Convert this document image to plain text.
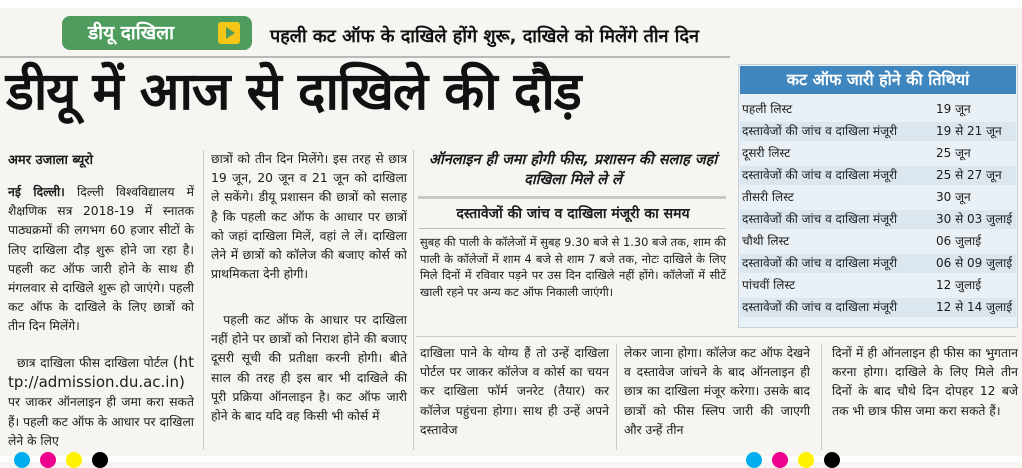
डीयू दाखिला	पहली कट ऑफ के दाखिले होंगे शुरू, दाखिले को मिलेंगे तीन दिन
डीयू में आज से दाखिले की दौड़	कट ऑफ जारी होने की तिथियां
पहली लिस्ट	19 जून
दस्तावेजों की जांच व दाखिला मंजूरी	19 से 21 जून
दूसरी लिस्ट	25 जून
दस्तावेजों की जांच व दाखिला मंजूरी	25 से 27 जून
तीसरी लिस्ट	30 जून
दस्तावेजों की जांच व दाखिला मंजूरी	30 से 03 जुलाई
चौथी लिस्ट	06 जुलाई
दस्तावेजों की जांच व दाखिला मंजूरी	06 से 09 जुलाई
पांचवीं लिस्ट	12 जुलाई
दस्तावेजों की जांच व दाखिला मंजूरी	12 से 14 जुलाई
अमर उजाला ब्यूरो
नई दिल्ली। दिल्ली विश्वविद्यालय में शैक्षणिक सत्र 2018-19 में स्नातक पाठ्यक्रमों की लगभग 60 हजार सीटों के लिए दाखिला दौड़ शुरू होने जा रहा है। पहली कट ऑफ जारी होने के साथ ही मंगलवार से दाखिले शुरू हो जाएंगे। पहली कट ऑफ के दाखिले के लिए छात्रों को तीन दिन मिलेंगे।
छात्र दाखिला फीस दाखिला पोर्टल (http://admission.du.ac.in) पर जाकर ऑनलाइन ही जमा करा सकते हैं। पहली कट ऑफ के आधार पर दाखिला लेने के लिए
छात्रों को तीन दिन मिलेंगे। इस तरह से छात्र 19 जून, 20 जून व 21 जून को दाखिला ले सकेंगे। डीयू प्रशासन की छात्रों को सलाह है कि पहली कट ऑफ के आधार पर छात्रों को जहां दाखिला मिलें, वहां ले लें। दाखिला लेने में छात्रों को कॉलेज की बजाए कोर्स को प्राथमिकता देनी होगी।
पहली कट ऑफ के आधार पर दाखिला नहीं होने पर छात्रों को निराश होने की बजाए दूसरी सूची की प्रतीक्षा करनी होगी। बीते साल की तरह ही इस बार भी दाखिले की पूरी प्रक्रिया ऑनलाइन है। कट ऑफ जारी होने के बाद यदि वह किसी भी कोर्स में
ऑनलाइन ही जमा होगी फीस, प्रशासन की सलाह जहां दाखिला मिले ले लें
दस्तावेजों की जांच व दाखिला मंजूरी का समय
सुबह की पाली के कॉलेजों में सुबह 9.30 बजे से 1.30 बजे तक, शाम की पाली के कॉलेजों में शाम 4 बजे से शाम 7 बजे तक, नोटः दाखिले के लिए मिले दिनों में रविवार पड़ने पर उस दिन दाखिले नहीं होंगे। कॉलेजों में सीटें खाली रहने पर अन्य कट ऑफ निकाली जाएंगी।
दाखिला पाने के योग्य हैं तो उन्हें दाखिला पोर्टल पर जाकर कॉलेज व कोर्स का चयन कर दाखिला फॉर्म जनरेट (तैयार) कर कॉलेज पहुंचना होगा। साथ ही उन्हें अपने दस्तावेज
लेकर जाना होगा। कॉलेज कट ऑफ देखने व दस्तावेज जांचने के बाद ऑनलाइन ही छात्र का दाखिला मंजूर करेगा। उसके बाद छात्रों को फीस स्लिप जारी की जाएगी और उन्हें तीन
दिनों में ही ऑनलाइन ही फीस का भुगतान करना होगा। दाखिले के लिए मिले तीन दिनों के बाद चौथे दिन दोपहर 12 बजे तक भी छात्र फीस जमा करा सकते हैं।
